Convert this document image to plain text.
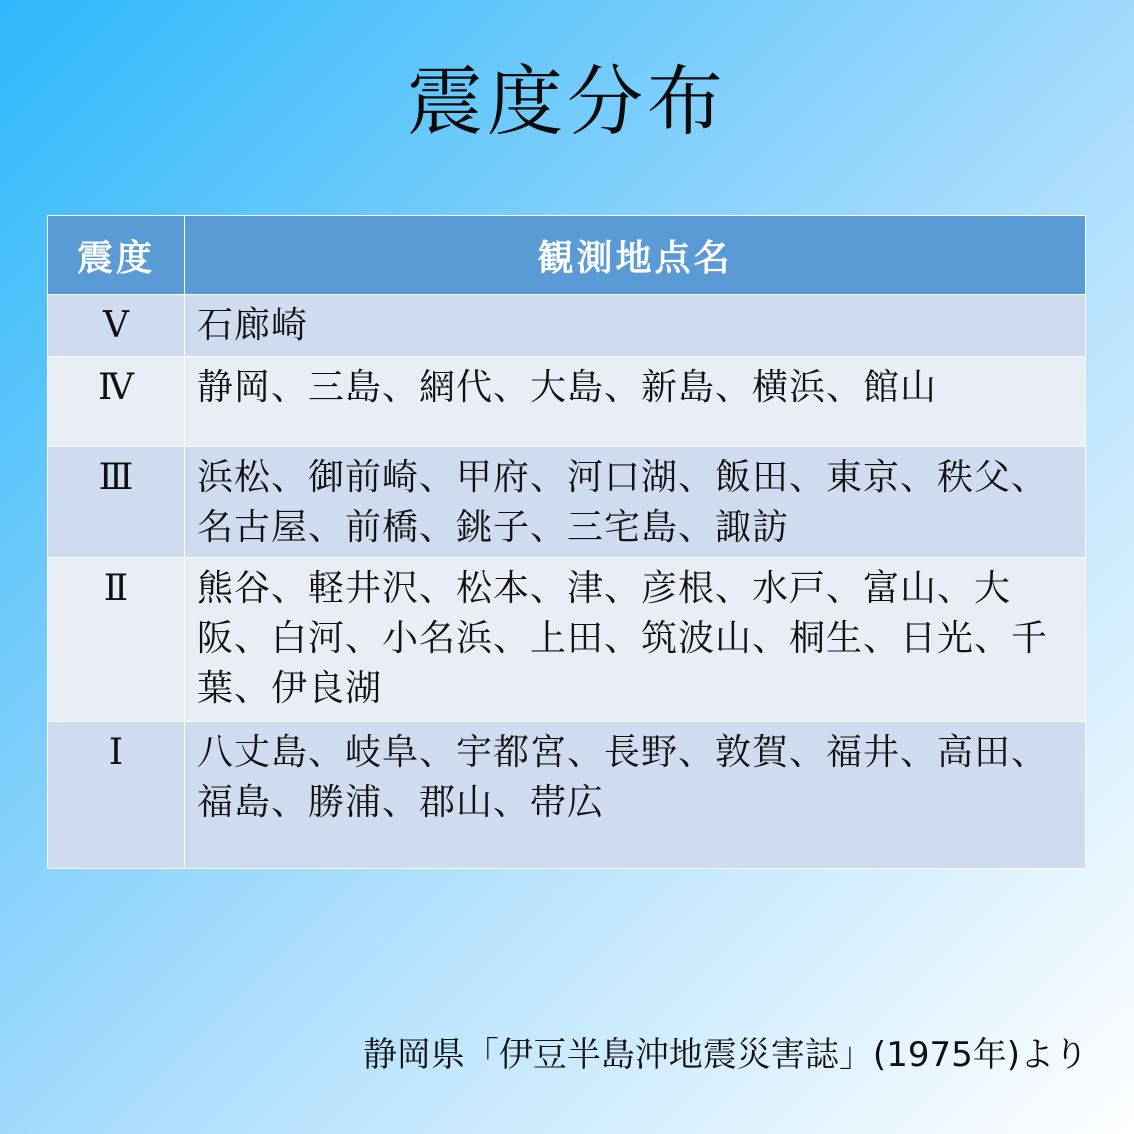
震度分布
震度	観測地点名
Ⅴ	石廊崎
Ⅳ	静岡、三島、網代、大島、新島、横浜、館山
Ⅲ	浜松、御前崎、甲府、河口湖、飯田、東京、秩父、名古屋、前橋、銚子、三宅島、諏訪
Ⅱ	熊谷、軽井沢、松本、津、彦根、水戸、富山、大阪、白河、小名浜、上田、筑波山、桐生、日光、千葉、伊良湖
Ⅰ	八丈島、岐阜、宇都宮、長野、敦賀、福井、高田、福島、勝浦、郡山、帯広
静岡県「伊豆半島沖地震災害誌」(1975年)より
